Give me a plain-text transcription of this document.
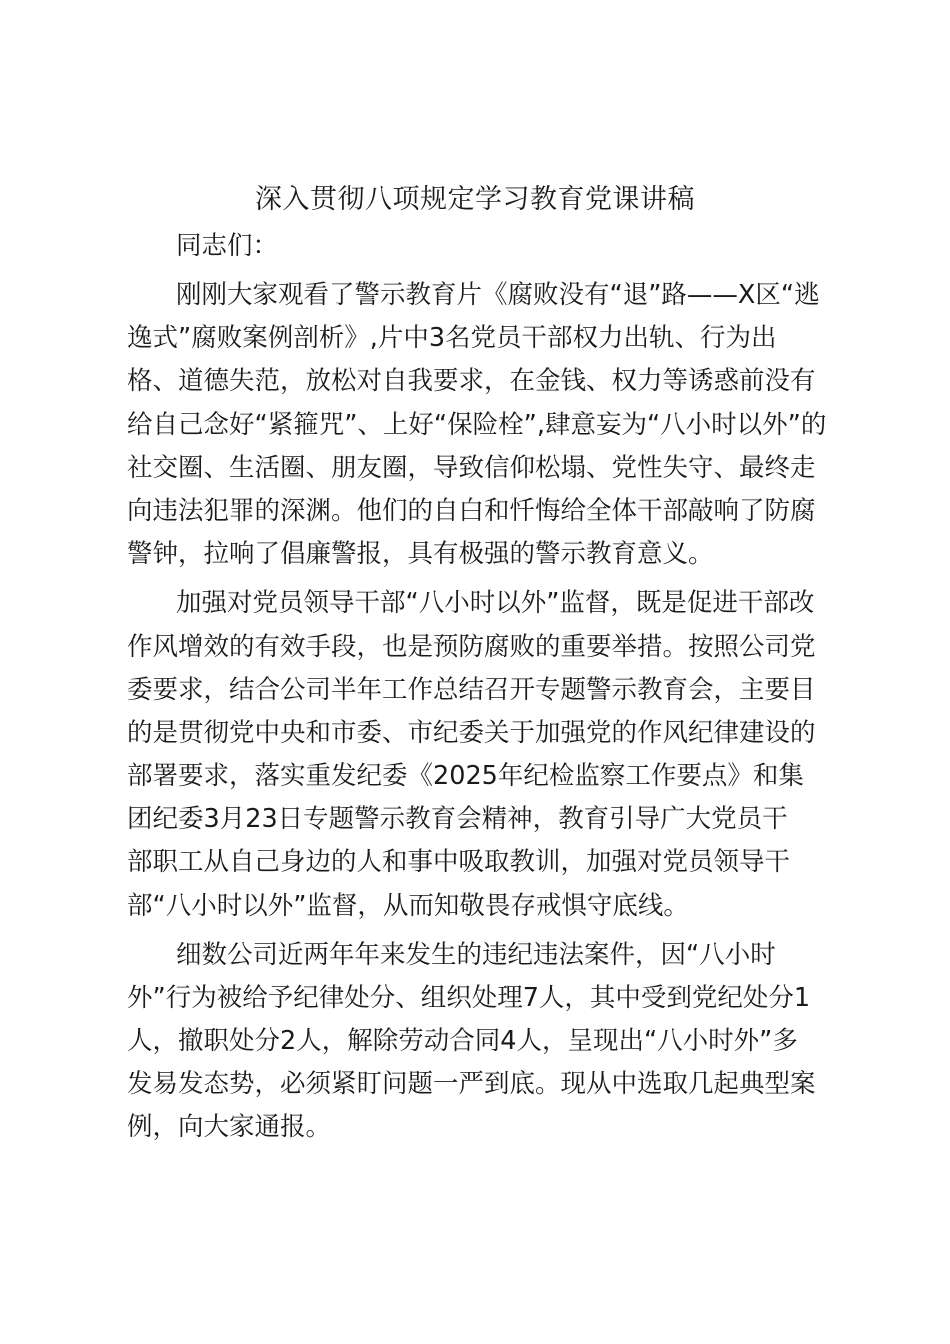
深入贯彻八项规定学习教育党课讲稿

同志们：

刚刚大家观看了警示教育片《腐败没有“退”路——X区“逃

逸式”腐败案例剖析》,片中3名党员干部权力出轨、行为出

格、道德失范，放松对自我要求，在金钱、权力等诱惑前没有

给自己念好“紧箍咒”、上好“保险栓”,肆意妄为“八小时以外”的

社交圈、生活圈、朋友圈，导致信仰松塌、党性失守、最终走

向违法犯罪的深渊。他们的自白和忏悔给全体干部敲响了防腐

警钟，拉响了倡廉警报，具有极强的警示教育意义。

加强对党员领导干部“八小时以外”监督，既是促进干部改

作风增效的有效手段，也是预防腐败的重要举措。按照公司党

委要求，结合公司半年工作总结召开专题警示教育会，主要目

的是贯彻党中央和市委、市纪委关于加强党的作风纪律建设的

部署要求，落实重发纪委《2025年纪检监察工作要点》和集

团纪委3月23日专题警示教育会精神，教育引导广大党员干

部职工从自己身边的人和事中吸取教训，加强对党员领导干

部“八小时以外”监督，从而知敬畏存戒惧守底线。

细数公司近两年年来发生的违纪违法案件，因“八小时

外”行为被给予纪律处分、组织处理7人，其中受到党纪处分1

人，撤职处分2人，解除劳动合同4人，呈现出“八小时外”多

发易发态势，必须紧盯问题一严到底。现从中选取几起典型案

例，向大家通报。
